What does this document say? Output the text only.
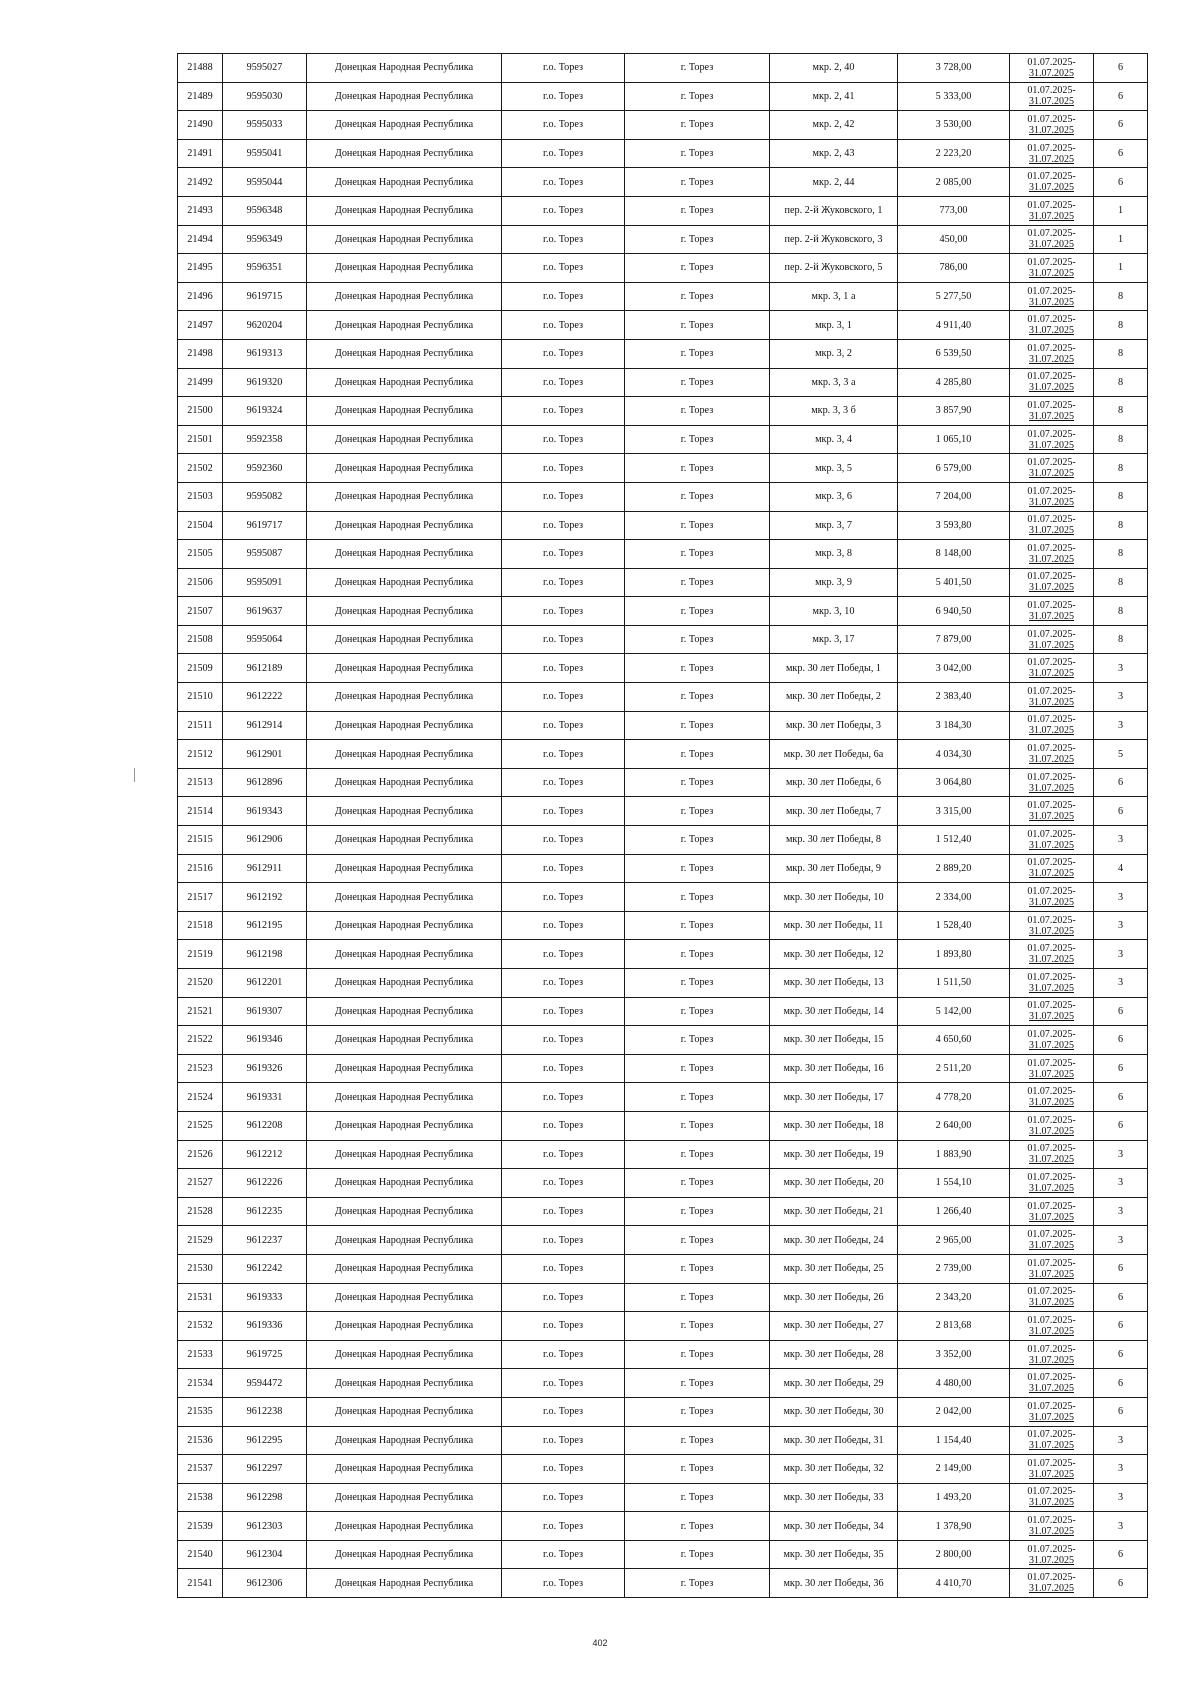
21488	9595027	Донецкая Народная Республика	г.о. Торез	г. Торез	мкр. 2, 40	3 728,00	01.07.2025-
31.07.2025	6
21489	9595030	Донецкая Народная Республика	г.о. Торез	г. Торез	мкр. 2, 41	5 333,00	01.07.2025-
31.07.2025	6
21490	9595033	Донецкая Народная Республика	г.о. Торез	г. Торез	мкр. 2, 42	3 530,00	01.07.2025-
31.07.2025	6
21491	9595041	Донецкая Народная Республика	г.о. Торез	г. Торез	мкр. 2, 43	2 223,20	01.07.2025-
31.07.2025	6
21492	9595044	Донецкая Народная Республика	г.о. Торез	г. Торез	мкр. 2, 44	2 085,00	01.07.2025-
31.07.2025	6
21493	9596348	Донецкая Народная Республика	г.о. Торез	г. Торез	пер. 2-й Жуковского, 1	773,00	01.07.2025-
31.07.2025	1
21494	9596349	Донецкая Народная Республика	г.о. Торез	г. Торез	пер. 2-й Жуковского, 3	450,00	01.07.2025-
31.07.2025	1
21495	9596351	Донецкая Народная Республика	г.о. Торез	г. Торез	пер. 2-й Жуковского, 5	786,00	01.07.2025-
31.07.2025	1
21496	9619715	Донецкая Народная Республика	г.о. Торез	г. Торез	мкр. 3, 1 а	5 277,50	01.07.2025-
31.07.2025	8
21497	9620204	Донецкая Народная Республика	г.о. Торез	г. Торез	мкр. 3, 1	4 911,40	01.07.2025-
31.07.2025	8
21498	9619313	Донецкая Народная Республика	г.о. Торез	г. Торез	мкр. 3, 2	6 539,50	01.07.2025-
31.07.2025	8
21499	9619320	Донецкая Народная Республика	г.о. Торез	г. Торез	мкр. 3, 3 а	4 285,80	01.07.2025-
31.07.2025	8
21500	9619324	Донецкая Народная Республика	г.о. Торез	г. Торез	мкр. 3, 3 б	3 857,90	01.07.2025-
31.07.2025	8
21501	9592358	Донецкая Народная Республика	г.о. Торез	г. Торез	мкр. 3, 4	1 065,10	01.07.2025-
31.07.2025	8
21502	9592360	Донецкая Народная Республика	г.о. Торез	г. Торез	мкр. 3, 5	6 579,00	01.07.2025-
31.07.2025	8
21503	9595082	Донецкая Народная Республика	г.о. Торез	г. Торез	мкр. 3, 6	7 204,00	01.07.2025-
31.07.2025	8
21504	9619717	Донецкая Народная Республика	г.о. Торез	г. Торез	мкр. 3, 7	3 593,80	01.07.2025-
31.07.2025	8
21505	9595087	Донецкая Народная Республика	г.о. Торез	г. Торез	мкр. 3, 8	8 148,00	01.07.2025-
31.07.2025	8
21506	9595091	Донецкая Народная Республика	г.о. Торез	г. Торез	мкр. 3, 9	5 401,50	01.07.2025-
31.07.2025	8
21507	9619637	Донецкая Народная Республика	г.о. Торез	г. Торез	мкр. 3, 10	6 940,50	01.07.2025-
31.07.2025	8
21508	9595064	Донецкая Народная Республика	г.о. Торез	г. Торез	мкр. 3, 17	7 879,00	01.07.2025-
31.07.2025	8
21509	9612189	Донецкая Народная Республика	г.о. Торез	г. Торез	мкр. 30 лет Победы, 1	3 042,00	01.07.2025-
31.07.2025	3
21510	9612222	Донецкая Народная Республика	г.о. Торез	г. Торез	мкр. 30 лет Победы, 2	2 383,40	01.07.2025-
31.07.2025	3
21511	9612914	Донецкая Народная Республика	г.о. Торез	г. Торез	мкр. 30 лет Победы, 3	3 184,30	01.07.2025-
31.07.2025	3
21512	9612901	Донецкая Народная Республика	г.о. Торез	г. Торез	мкр. 30 лет Победы, 6а	4 034,30	01.07.2025-
31.07.2025	5
21513	9612896	Донецкая Народная Республика	г.о. Торез	г. Торез	мкр. 30 лет Победы, 6	3 064,80	01.07.2025-
31.07.2025	6
21514	9619343	Донецкая Народная Республика	г.о. Торез	г. Торез	мкр. 30 лет Победы, 7	3 315,00	01.07.2025-
31.07.2025	6
21515	9612906	Донецкая Народная Республика	г.о. Торез	г. Торез	мкр. 30 лет Победы, 8	1 512,40	01.07.2025-
31.07.2025	3
21516	9612911	Донецкая Народная Республика	г.о. Торез	г. Торез	мкр. 30 лет Победы, 9	2 889,20	01.07.2025-
31.07.2025	4
21517	9612192	Донецкая Народная Республика	г.о. Торез	г. Торез	мкр. 30 лет Победы, 10	2 334,00	01.07.2025-
31.07.2025	3
21518	9612195	Донецкая Народная Республика	г.о. Торез	г. Торез	мкр. 30 лет Победы, 11	1 528,40	01.07.2025-
31.07.2025	3
21519	9612198	Донецкая Народная Республика	г.о. Торез	г. Торез	мкр. 30 лет Победы, 12	1 893,80	01.07.2025-
31.07.2025	3
21520	9612201	Донецкая Народная Республика	г.о. Торез	г. Торез	мкр. 30 лет Победы, 13	1 511,50	01.07.2025-
31.07.2025	3
21521	9619307	Донецкая Народная Республика	г.о. Торез	г. Торез	мкр. 30 лет Победы, 14	5 142,00	01.07.2025-
31.07.2025	6
21522	9619346	Донецкая Народная Республика	г.о. Торез	г. Торез	мкр. 30 лет Победы, 15	4 650,60	01.07.2025-
31.07.2025	6
21523	9619326	Донецкая Народная Республика	г.о. Торез	г. Торез	мкр. 30 лет Победы, 16	2 511,20	01.07.2025-
31.07.2025	6
21524	9619331	Донецкая Народная Республика	г.о. Торез	г. Торез	мкр. 30 лет Победы, 17	4 778,20	01.07.2025-
31.07.2025	6
21525	9612208	Донецкая Народная Республика	г.о. Торез	г. Торез	мкр. 30 лет Победы, 18	2 640,00	01.07.2025-
31.07.2025	6
21526	9612212	Донецкая Народная Республика	г.о. Торез	г. Торез	мкр. 30 лет Победы, 19	1 883,90	01.07.2025-
31.07.2025	3
21527	9612226	Донецкая Народная Республика	г.о. Торез	г. Торез	мкр. 30 лет Победы, 20	1 554,10	01.07.2025-
31.07.2025	3
21528	9612235	Донецкая Народная Республика	г.о. Торез	г. Торез	мкр. 30 лет Победы, 21	1 266,40	01.07.2025-
31.07.2025	3
21529	9612237	Донецкая Народная Республика	г.о. Торез	г. Торез	мкр. 30 лет Победы, 24	2 965,00	01.07.2025-
31.07.2025	3
21530	9612242	Донецкая Народная Республика	г.о. Торез	г. Торез	мкр. 30 лет Победы, 25	2 739,00	01.07.2025-
31.07.2025	6
21531	9619333	Донецкая Народная Республика	г.о. Торез	г. Торез	мкр. 30 лет Победы, 26	2 343,20	01.07.2025-
31.07.2025	6
21532	9619336	Донецкая Народная Республика	г.о. Торез	г. Торез	мкр. 30 лет Победы, 27	2 813,68	01.07.2025-
31.07.2025	6
21533	9619725	Донецкая Народная Республика	г.о. Торез	г. Торез	мкр. 30 лет Победы, 28	3 352,00	01.07.2025-
31.07.2025	6
21534	9594472	Донецкая Народная Республика	г.о. Торез	г. Торез	мкр. 30 лет Победы, 29	4 480,00	01.07.2025-
31.07.2025	6
21535	9612238	Донецкая Народная Республика	г.о. Торез	г. Торез	мкр. 30 лет Победы, 30	2 042,00	01.07.2025-
31.07.2025	6
21536	9612295	Донецкая Народная Республика	г.о. Торез	г. Торез	мкр. 30 лет Победы, 31	1 154,40	01.07.2025-
31.07.2025	3
21537	9612297	Донецкая Народная Республика	г.о. Торез	г. Торез	мкр. 30 лет Победы, 32	2 149,00	01.07.2025-
31.07.2025	3
21538	9612298	Донецкая Народная Республика	г.о. Торез	г. Торез	мкр. 30 лет Победы, 33	1 493,20	01.07.2025-
31.07.2025	3
21539	9612303	Донецкая Народная Республика	г.о. Торез	г. Торез	мкр. 30 лет Победы, 34	1 378,90	01.07.2025-
31.07.2025	3
21540	9612304	Донецкая Народная Республика	г.о. Торез	г. Торез	мкр. 30 лет Победы, 35	2 800,00	01.07.2025-
31.07.2025	6
21541	9612306	Донецкая Народная Республика	г.о. Торез	г. Торез	мкр. 30 лет Победы, 36	4 410,70	01.07.2025-
31.07.2025	6
402
